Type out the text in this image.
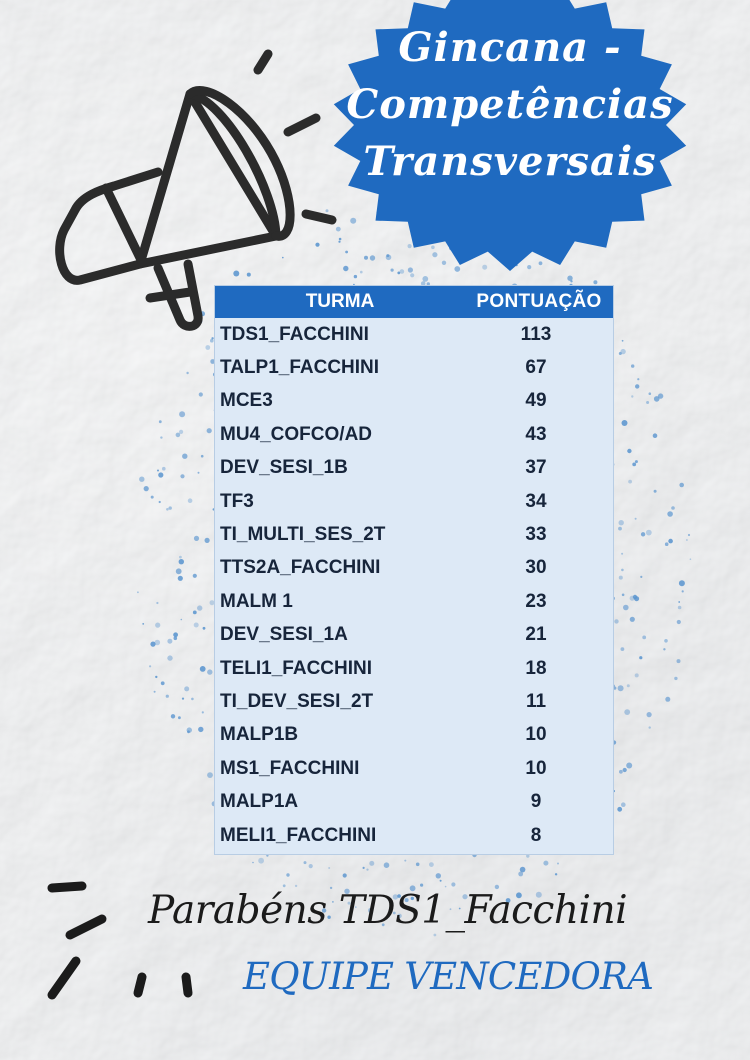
Gincana -
Competências
Transversais
TURMA	PONTUAÇÃO
TDS1_FACCHINI	113
TALP1_FACCHINI	67
MCE3	49
MU4_COFCO/AD	43
DEV_SESI_1B	37
TF3	34
TI_MULTI_SES_2T	33
TTS2A_FACCHINI	30
MALM 1	23
DEV_SESI_1A	21
TELI1_FACCHINI	18
TI_DEV_SESI_2T	11
MALP1B	10
MS1_FACCHINI	10
MALP1A	9
MELI1_FACCHINI	8
Parabéns TDS1_Facchini
EQUIPE VENCEDORA
